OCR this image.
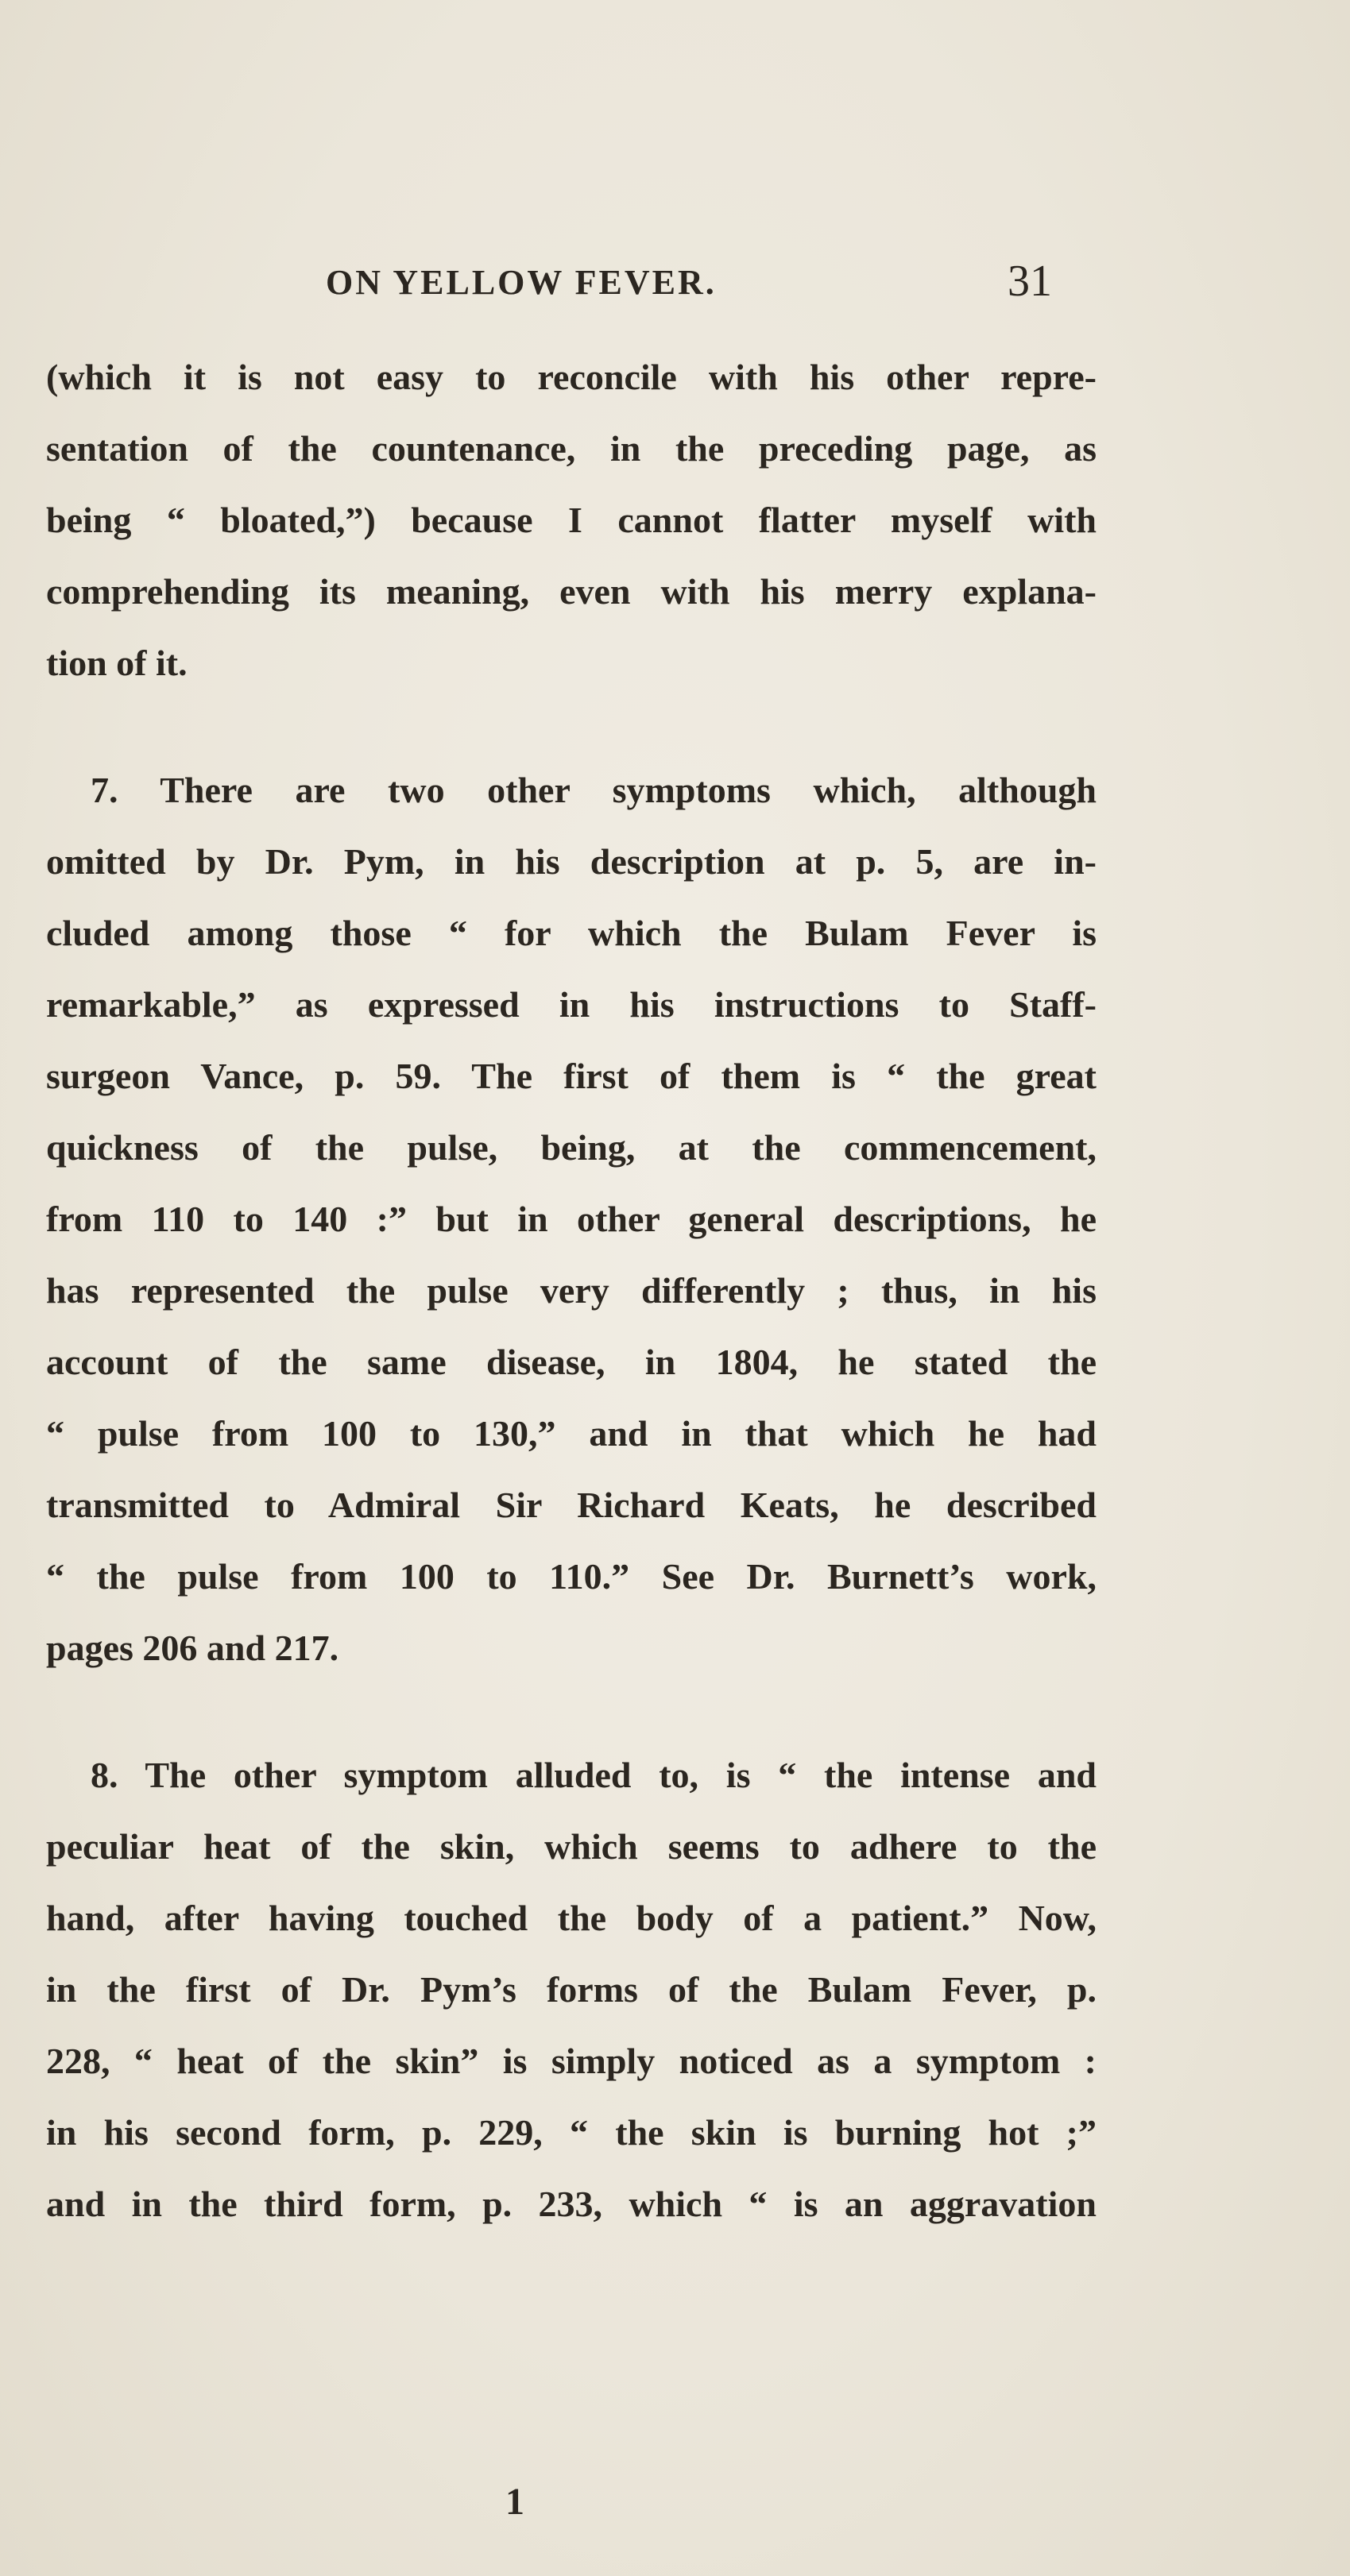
ON YELLOW FEVER.	31
(which it is not easy to reconcile with his other repre-
sentation of the countenance, in the preceding page, as
being “ bloated,”) because I cannot flatter myself with
comprehending its meaning, even with his merry explana-
tion of it.
7. There are two other symptoms which, although
omitted by Dr. Pym, in his description at p. 5, are in-
cluded among those “ for which the Bulam Fever is
remarkable,” as expressed in his instructions to Staff-
surgeon Vance, p. 59. The first of them is “ the great
quickness of the pulse, being, at the commencement,
from 110 to 140 :” but in other general descriptions, he
has represented the pulse very differently ; thus, in his
account of the same disease, in 1804, he stated the
“ pulse from 100 to 130,” and in that which he had
transmitted to Admiral Sir Richard Keats, he described
“ the pulse from 100 to 110.” See Dr. Burnett’s work,
pages 206 and 217.
8. The other symptom alluded to, is “ the intense and
peculiar heat of the skin, which seems to adhere to the
hand, after having touched the body of a patient.” Now,
in the first of Dr. Pym’s forms of the Bulam Fever, p.
228, “ heat of the skin” is simply noticed as a symptom :
in his second form, p. 229, “ the skin is burning hot ;”
and in the third form, p. 233, which “ is an aggravation
1
